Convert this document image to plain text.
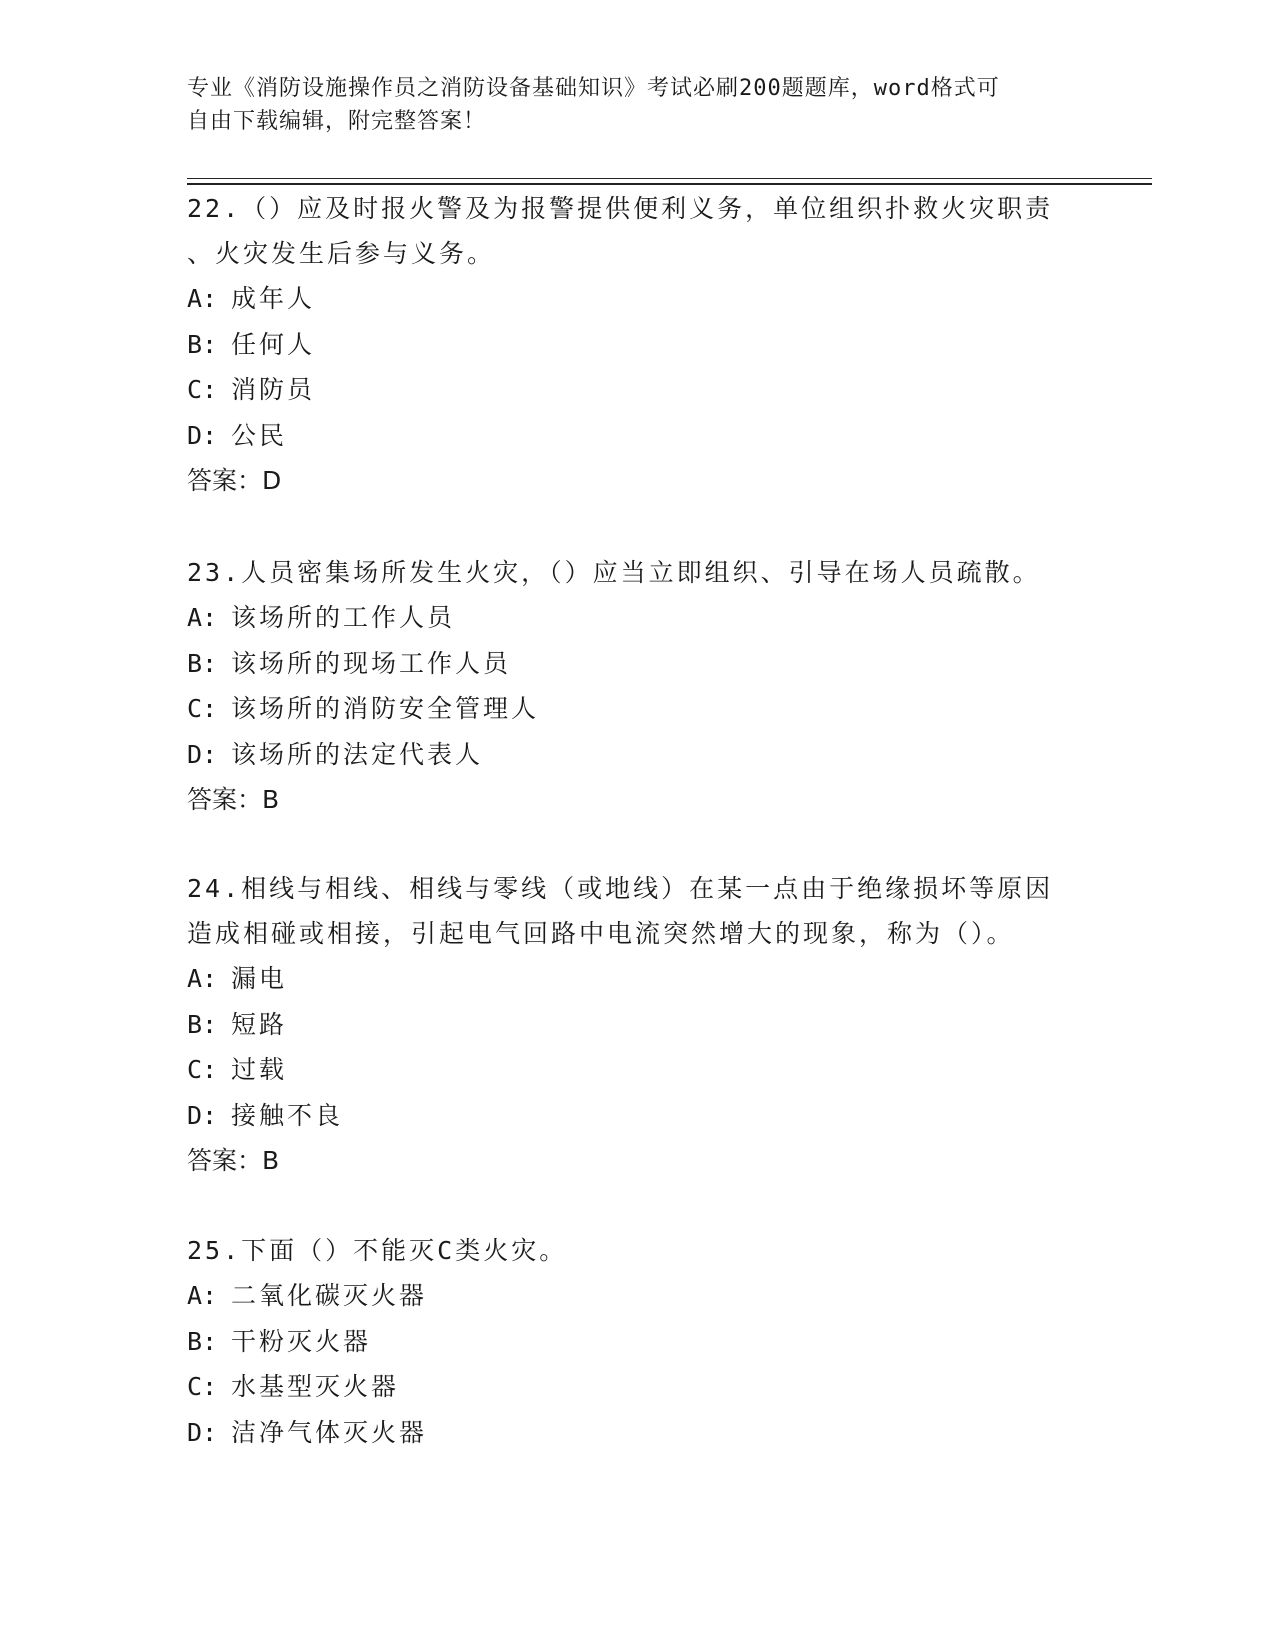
专业《消防设施操作员之消防设备基础知识》考试必刷200题题库，word格式可
自由下载编辑，附完整答案！

22.（）应及时报火警及为报警提供便利义务，单位组织扑救火灾职责

、火灾发生后参与义务。

A: 成年人

B: 任何人

C: 消防员

D: 公民

答案：D

23.人员密集场所发生火灾，（）应当立即组织、引导在场人员疏散。

A: 该场所的工作人员

B: 该场所的现场工作人员

C: 该场所的消防安全管理人

D: 该场所的法定代表人

答案：B

24.相线与相线、相线与零线（或地线）在某一点由于绝缘损坏等原因

造成相碰或相接，引起电气回路中电流突然增大的现象，称为（）。

A: 漏电

B: 短路

C: 过载

D: 接触不良

答案：B

25.下面（）不能灭C类火灾。

A: 二氧化碳灭火器

B: 干粉灭火器

C: 水基型灭火器

D: 洁净气体灭火器
